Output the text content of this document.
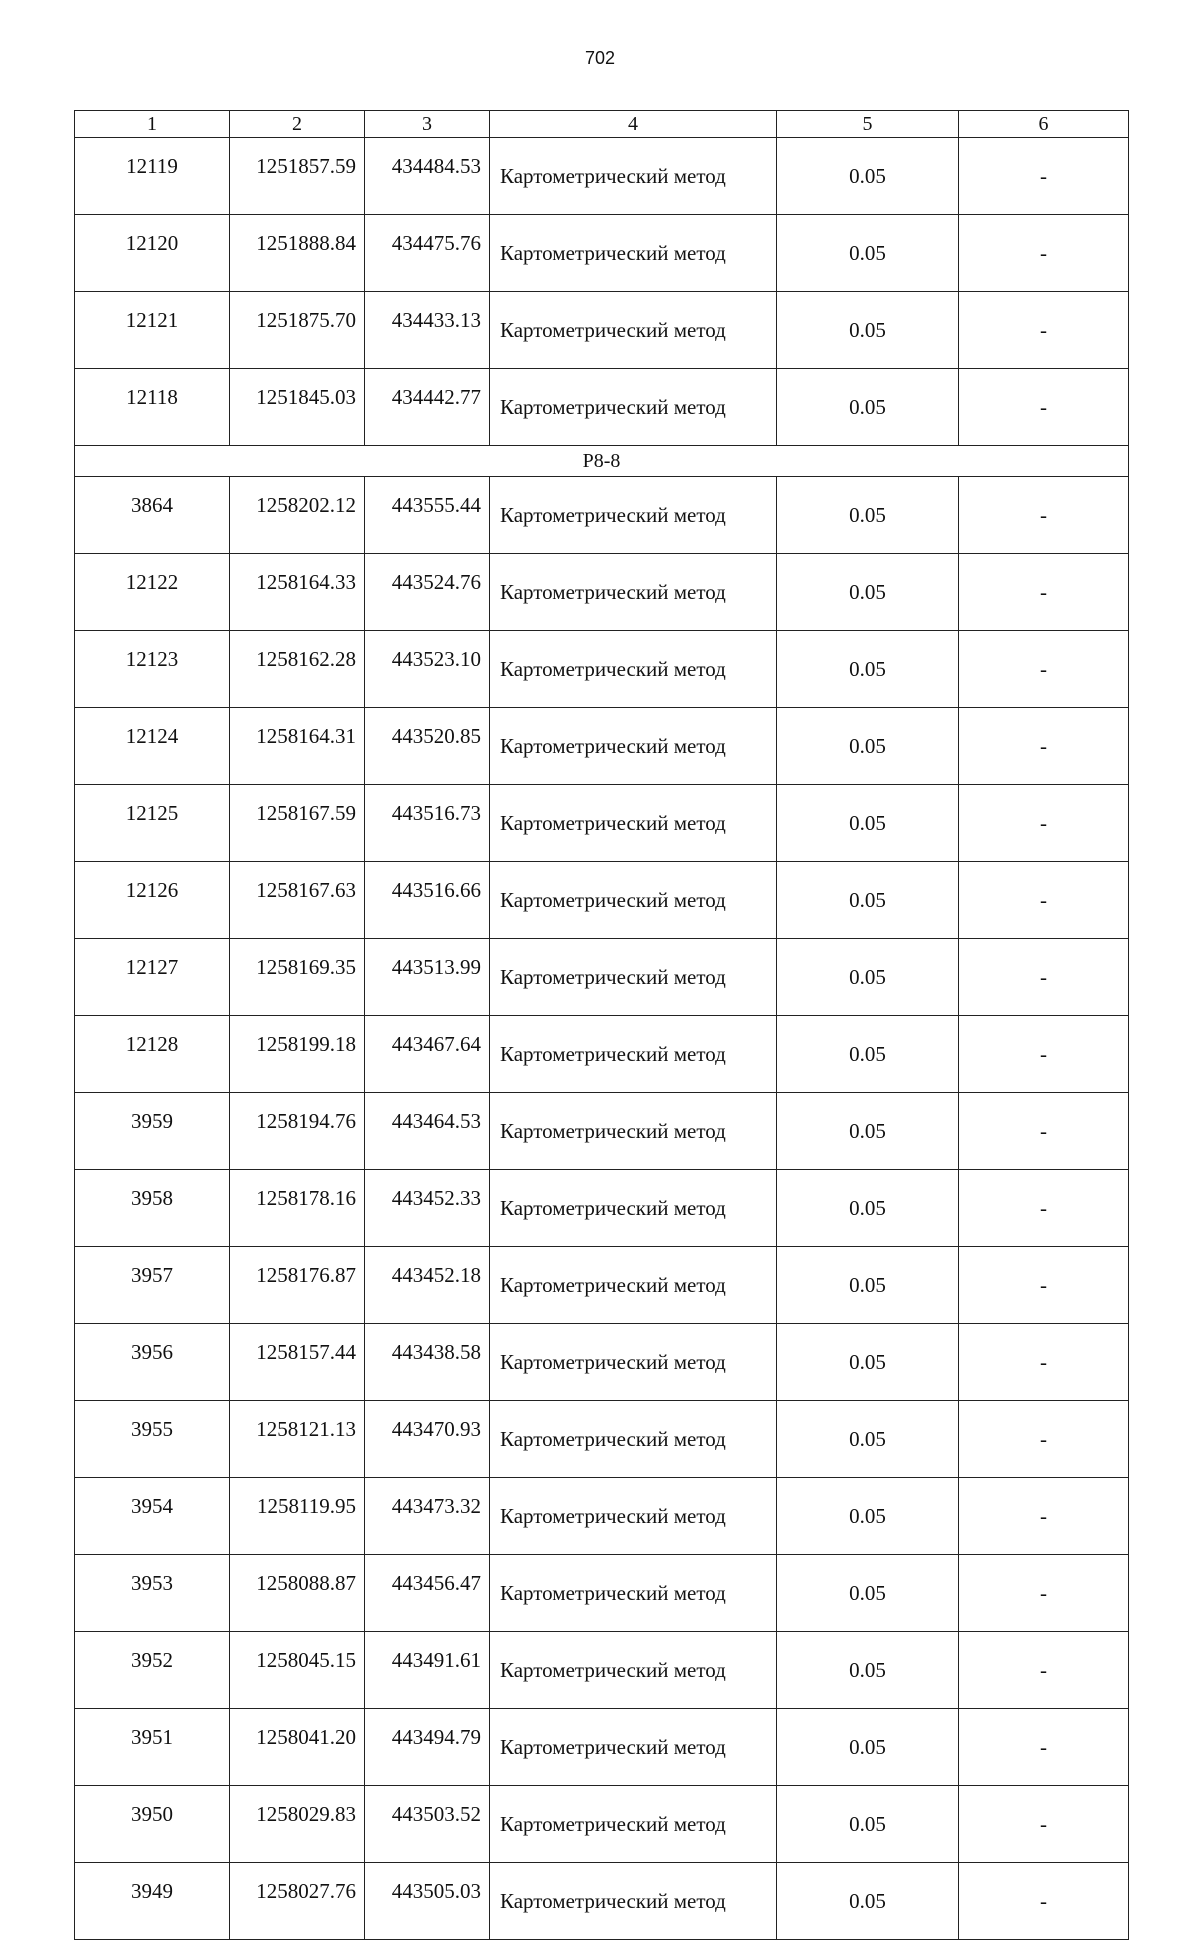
702
1	2	3	4	5	6
12119	1251857.59	434484.53	Картометрический метод	0.05	-
12120	1251888.84	434475.76	Картометрический метод	0.05	-
12121	1251875.70	434433.13	Картометрический метод	0.05	-
12118	1251845.03	434442.77	Картометрический метод	0.05	-
Р8-8					
3864	1258202.12	443555.44	Картометрический метод	0.05	-
12122	1258164.33	443524.76	Картометрический метод	0.05	-
12123	1258162.28	443523.10	Картометрический метод	0.05	-
12124	1258164.31	443520.85	Картометрический метод	0.05	-
12125	1258167.59	443516.73	Картометрический метод	0.05	-
12126	1258167.63	443516.66	Картометрический метод	0.05	-
12127	1258169.35	443513.99	Картометрический метод	0.05	-
12128	1258199.18	443467.64	Картометрический метод	0.05	-
3959	1258194.76	443464.53	Картометрический метод	0.05	-
3958	1258178.16	443452.33	Картометрический метод	0.05	-
3957	1258176.87	443452.18	Картометрический метод	0.05	-
3956	1258157.44	443438.58	Картометрический метод	0.05	-
3955	1258121.13	443470.93	Картометрический метод	0.05	-
3954	1258119.95	443473.32	Картометрический метод	0.05	-
3953	1258088.87	443456.47	Картометрический метод	0.05	-
3952	1258045.15	443491.61	Картометрический метод	0.05	-
3951	1258041.20	443494.79	Картометрический метод	0.05	-
3950	1258029.83	443503.52	Картометрический метод	0.05	-
3949	1258027.76	443505.03	Картометрический метод	0.05	-
